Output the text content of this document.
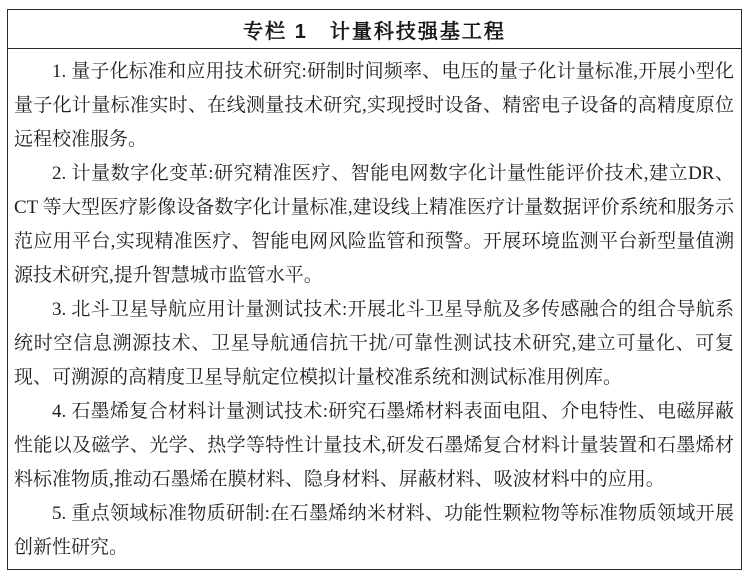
专栏 1　计量科技强基工程

1. 量子化标准和应用技术研究:研制时间频率、电压的量子化计量标准,开展小型化量子化计量标准实时、在线测量技术研究,实现授时设备、精密电子设备的高精度原位远程校准服务。

2. 计量数字化变革:研究精准医疗、智能电网数字化计量性能评价技术,建立DR、CT 等大型医疗影像设备数字化计量标准,建设线上精准医疗计量数据评价系统和服务示范应用平台,实现精准医疗、智能电网风险监管和预警。开展环境监测平台新型量值溯源技术研究,提升智慧城市监管水平。

3. 北斗卫星导航应用计量测试技术:开展北斗卫星导航及多传感融合的组合导航系统时空信息溯源技术、卫星导航通信抗干扰/可靠性测试技术研究,建立可量化、可复现、可溯源的高精度卫星导航定位模拟计量校准系统和测试标准用例库。

4. 石墨烯复合材料计量测试技术:研究石墨烯材料表面电阻、介电特性、电磁屏蔽性能以及磁学、光学、热学等特性计量技术,研发石墨烯复合材料计量装置和石墨烯材料标准物质,推动石墨烯在膜材料、隐身材料、屏蔽材料、吸波材料中的应用。

5. 重点领域标准物质研制:在石墨烯纳米材料、功能性颗粒物等标准物质领域开展创新性研究。
